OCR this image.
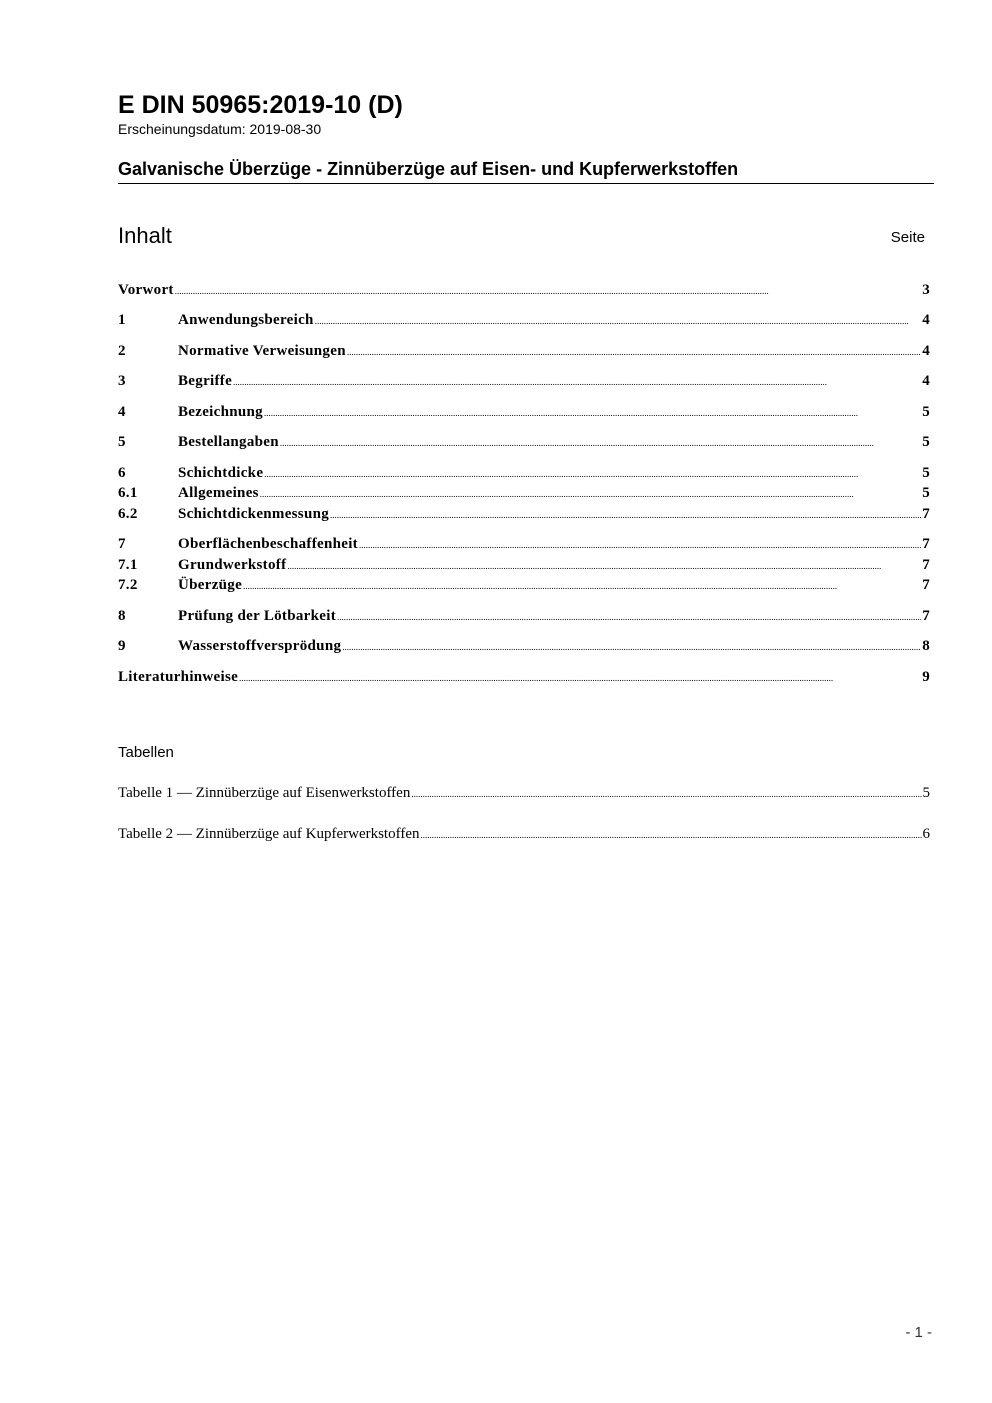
E DIN 50965:2019-10 (D)
Erscheinungsdatum: 2019-08-30
Galvanische Überzüge - Zinnüberzüge auf Eisen- und Kupferwerkstoffen
Inhalt	Seite
Vorwort .....	3
1	Anwendungsbereich .....	4
2	Normative Verweisungen .....	4
3	Begriffe .....	4
4	Bezeichnung .....	5
5	Bestellangaben .....	5
6	Schichtdicke .....	5
6.1	Allgemeines .....	5
6.2	Schichtdickenmessung .....	7
7	Oberflächenbeschaffenheit .....	7
7.1	Grundwerkstoff .....	7
7.2	Überzüge .....	7
8	Prüfung der Lötbarkeit .....	7
9	Wasserstoffversprödung .....	8
Literaturhinweise .....	9
Tabellen
Tabelle 1 — Zinnüberzüge auf Eisenwerkstoffen .....	5
Tabelle 2 — Zinnüberzüge auf Kupferwerkstoffen .....	6
- 1 -
